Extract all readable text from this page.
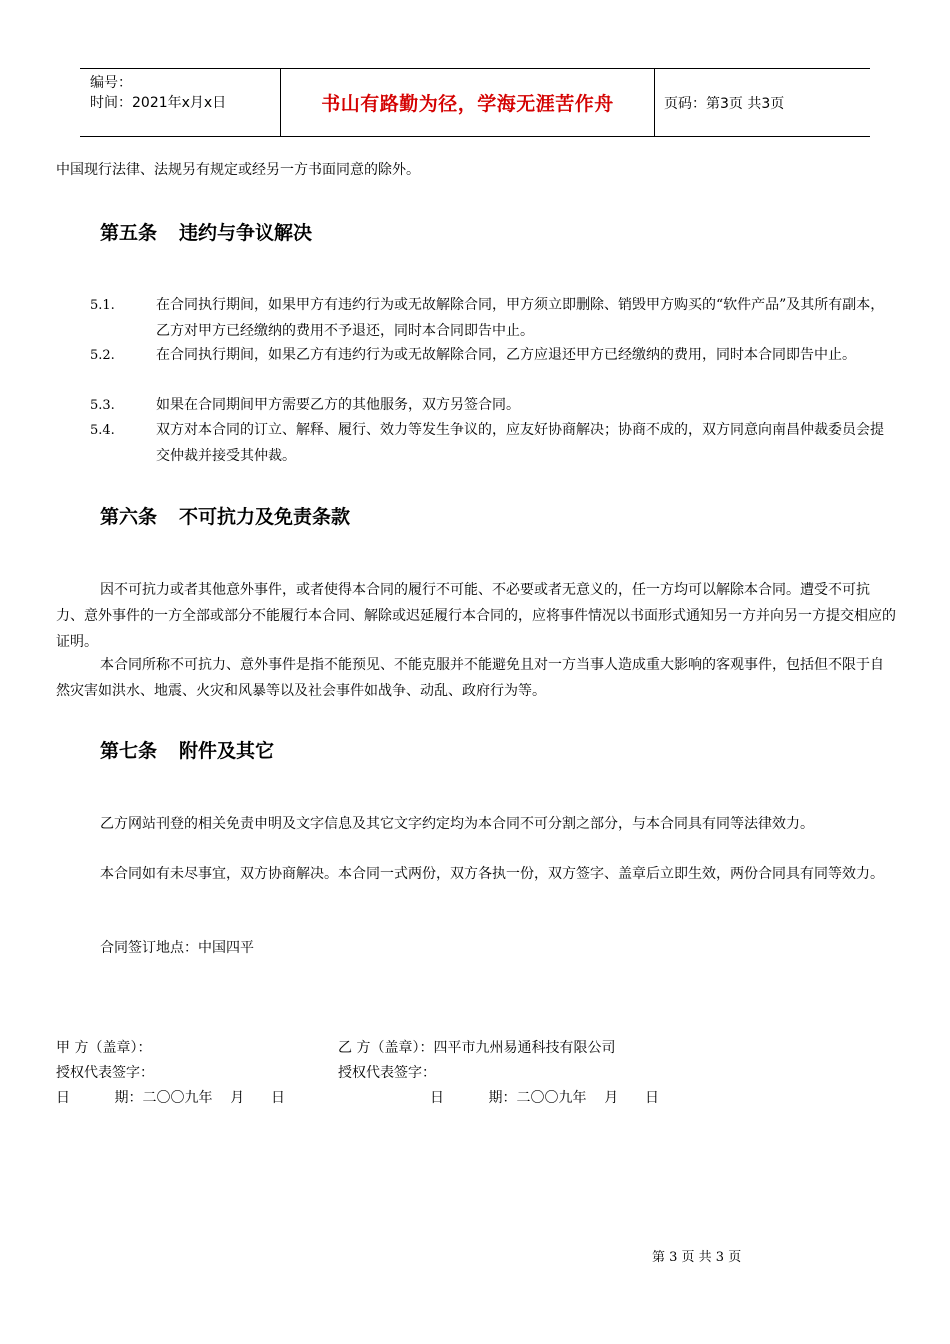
编号：
时间：2021年x月x日	书山有路勤为径，学海无涯苦作舟	页码：第3页 共3页
中国现行法律、法规另有规定或经另一方书面同意的除外。
第五条 违约与争议解决
5.1.	在合同执行期间，如果甲方有违约行为或无故解除合同，甲方须立即删除、销毁甲方购买的“软件产品”及其所有副本，乙方对甲方已经缴纳的费用不予退还，同时本合同即告中止。
5.2.	在合同执行期间，如果乙方有违约行为或无故解除合同，乙方应退还甲方已经缴纳的费用，同时本合同即告中止。
5.3.	如果在合同期间甲方需要乙方的其他服务，双方另签合同。
5.4.	双方对本合同的订立、解释、履行、效力等发生争议的，应友好协商解决；协商不成的，双方同意向南昌仲裁委员会提交仲裁并接受其仲裁。
第六条 不可抗力及免责条款
因不可抗力或者其他意外事件，或者使得本合同的履行不可能、不必要或者无意义的，任一方均可以解除本合同。遭受不可抗力、意外事件的一方全部或部分不能履行本合同、解除或迟延履行本合同的，应将事件情况以书面形式通知另一方并向另一方提交相应的证明。
本合同所称不可抗力、意外事件是指不能预见、不能克服并不能避免且对一方当事人造成重大影响的客观事件，包括但不限于自然灾害如洪水、地震、火灾和风暴等以及社会事件如战争、动乱、政府行为等。
第七条 附件及其它
乙方网站刊登的相关免责申明及文字信息及其它文字约定均为本合同不可分割之部分，与本合同具有同等法律效力。
本合同如有未尽事宜，双方协商解决。本合同一式两份，双方各执一份，双方签字、盖章后立即生效，两份合同具有同等效力。
合同签订地点：中国四平
甲 方（盖章）：	乙 方（盖章）：四平市九州易通科技有限公司
授权代表签字：	授权代表签字：
日          期：二〇〇九年    月      日	日          期：二〇〇九年    月      日
第 3 页 共 3 页
